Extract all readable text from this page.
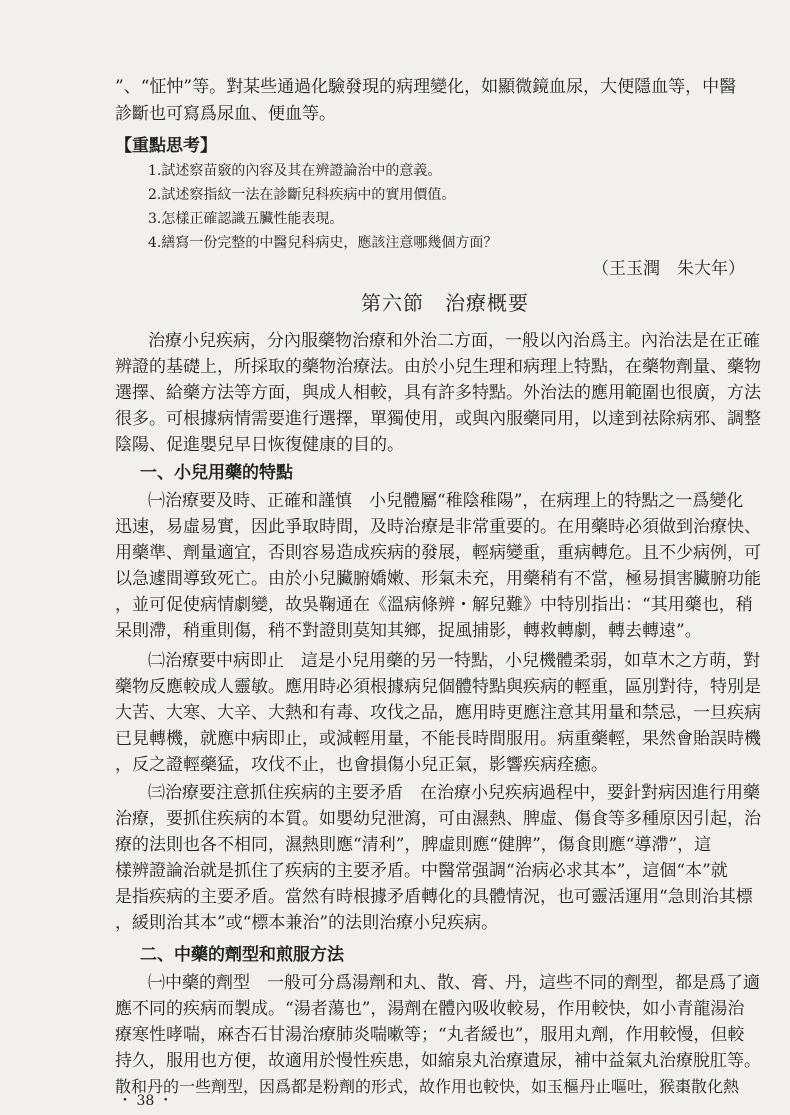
”、“怔忡”等。對某些通過化驗發現的病理變化，如顯微鏡血尿，大便隱血等，中醫
診斷也可寫爲尿血、便血等。
【重點思考】
1.試述察苗竅的內容及其在辨證論治中的意義。
2.試述察指紋一法在診斷兒科疾病中的實用價值。
3.怎樣正確認識五臟性能表現。
4.繕寫一份完整的中醫兒科病史，應該注意哪幾個方面？
（王玉潤　朱大年）
第六節　治療概要
治療小兒疾病，分內服藥物治療和外治二方面，一般以內治爲主。內治法是在正確
辨證的基礎上，所採取的藥物治療法。由於小兒生理和病理上特點，在藥物劑量、藥物
選擇、給藥方法等方面，與成人相較，具有許多特點。外治法的應用範圍也很廣，方法
很多。可根據病情需要進行選擇，單獨使用，或與內服藥同用，以達到祛除病邪、調整
陰陽、促進嬰兒早日恢復健康的目的。
一、小兒用藥的特點
㈠治療要及時、正確和謹慎　小兒體屬“稚陰稚陽”，在病理上的特點之一爲變化
迅速，易虛易實，因此爭取時間，及時治療是非常重要的。在用藥時必須做到治療快、
用藥準、劑量適宜，否則容易造成疾病的發展，輕病變重，重病轉危。且不少病例，可
以急遽間導致死亡。由於小兒臟腑嬌嫩、形氣未充，用藥稍有不當，極易損害臟腑功能
，並可促使病情劇變，故吳鞠通在《溫病條辨・解兒難》中特別指出：“其用藥也，稍
呆則滯，稍重則傷，稍不對證則莫知其鄉，捉風捕影，轉救轉劇，轉去轉遠”。
㈡治療要中病即止　這是小兒用藥的另一特點，小兒機體柔弱，如草木之方萌，對
藥物反應較成人靈敏。應用時必須根據病兒個體特點與疾病的輕重，區別對待，特別是
大苦、大寒、大辛、大熱和有毒、攻伐之品，應用時更應注意其用量和禁忌，一旦疾病
已見轉機，就應中病即止，或減輕用量，不能長時間服用。病重藥輕，果然會貽誤時機
，反之證輕藥猛，攻伐不止，也會損傷小兒正氣，影響疾病痊癒。
㈢治療要注意抓住疾病的主要矛盾　在治療小兒疾病過程中，要針對病因進行用藥
治療，要抓住疾病的本質。如嬰幼兒泄瀉，可由濕熱、脾虛、傷食等多種原因引起，治
療的法則也各不相同，濕熱則應“清利”，脾虛則應“健脾”，傷食則應“導滯”，這
樣辨證論治就是抓住了疾病的主要矛盾。中醫常强調“治病必求其本”，這個“本”就
是指疾病的主要矛盾。當然有時根據矛盾轉化的具體情況，也可靈活運用“急則治其標
，緩則治其本”或“標本兼治”的法則治療小兒疾病。
二、中藥的劑型和煎服方法
㈠中藥的劑型　一般可分爲湯劑和丸、散、膏、丹，這些不同的劑型，都是爲了適
應不同的疾病而製成。“湯者蕩也”，湯劑在體內吸收較易，作用較快，如小青龍湯治
療寒性哮喘，麻杏石甘湯治療肺炎喘嗽等；“丸者緩也”，服用丸劑，作用較慢，但較
持久，服用也方便，故適用於慢性疾患，如縮泉丸治療遺尿，補中益氣丸治療脫肛等。
散和丹的一些劑型，因爲都是粉劑的形式，故作用也較快，如玉樞丹止嘔吐，猴棗散化熱
・ 38 ・
